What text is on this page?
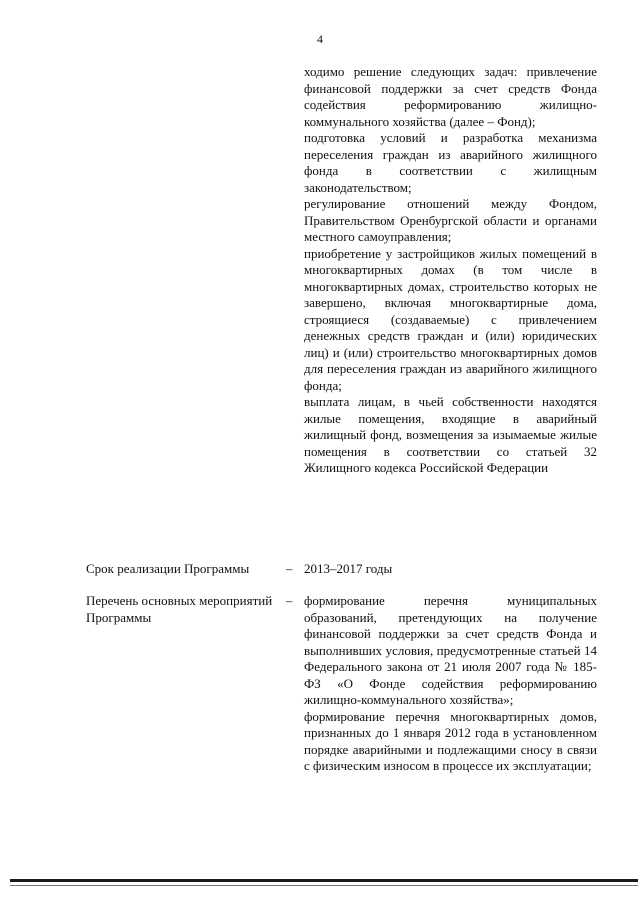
4

ходимо решение следующих задач: привлечение финансовой поддержки за счет средств Фонда содействия реформированию жилищно-коммунального хозяйства (далее – Фонд);

подготовка условий и разработка механизма переселения граждан из аварийного жилищного фонда в соответствии с жилищным законодательством;

регулирование отношений между Фондом, Правительством Оренбургской области и органами местного самоуправления;

приобретение у застройщиков жилых помещений в многоквартирных домах (в том числе в многоквартирных домах, строительство которых не завершено, включая многоквартирные дома, строящиеся (создаваемые) с привлечением денежных средств граждан и (или) юридических лиц) и (или) строительство многоквартирных домов для переселения граждан из аварийного жилищного фонда;

выплата лицам, в чьей собственности находятся жилые помещения, входящие в аварийный жилищный фонд, возмещения за изымаемые жилые помещения в соответствии со статьей 32 Жилищного кодекса Российской Федерации

Срок реализации Программы	– 2013–2017 годы

Перечень основных мероприятий Программы

– формирование перечня муниципальных образований, претендующих на получение финансовой поддержки за счет средств Фонда и выполнивших условия, предусмотренные статьей 14 Федерального закона от 21 июля 2007 года № 185-ФЗ «О Фонде содействия реформированию жилищно-коммунального хозяйства»;

формирование перечня многоквартирных домов, признанных до 1 января 2012 года в установленном порядке аварийными и подлежащими сносу в связи с физическим износом в процессе их эксплуатации;
